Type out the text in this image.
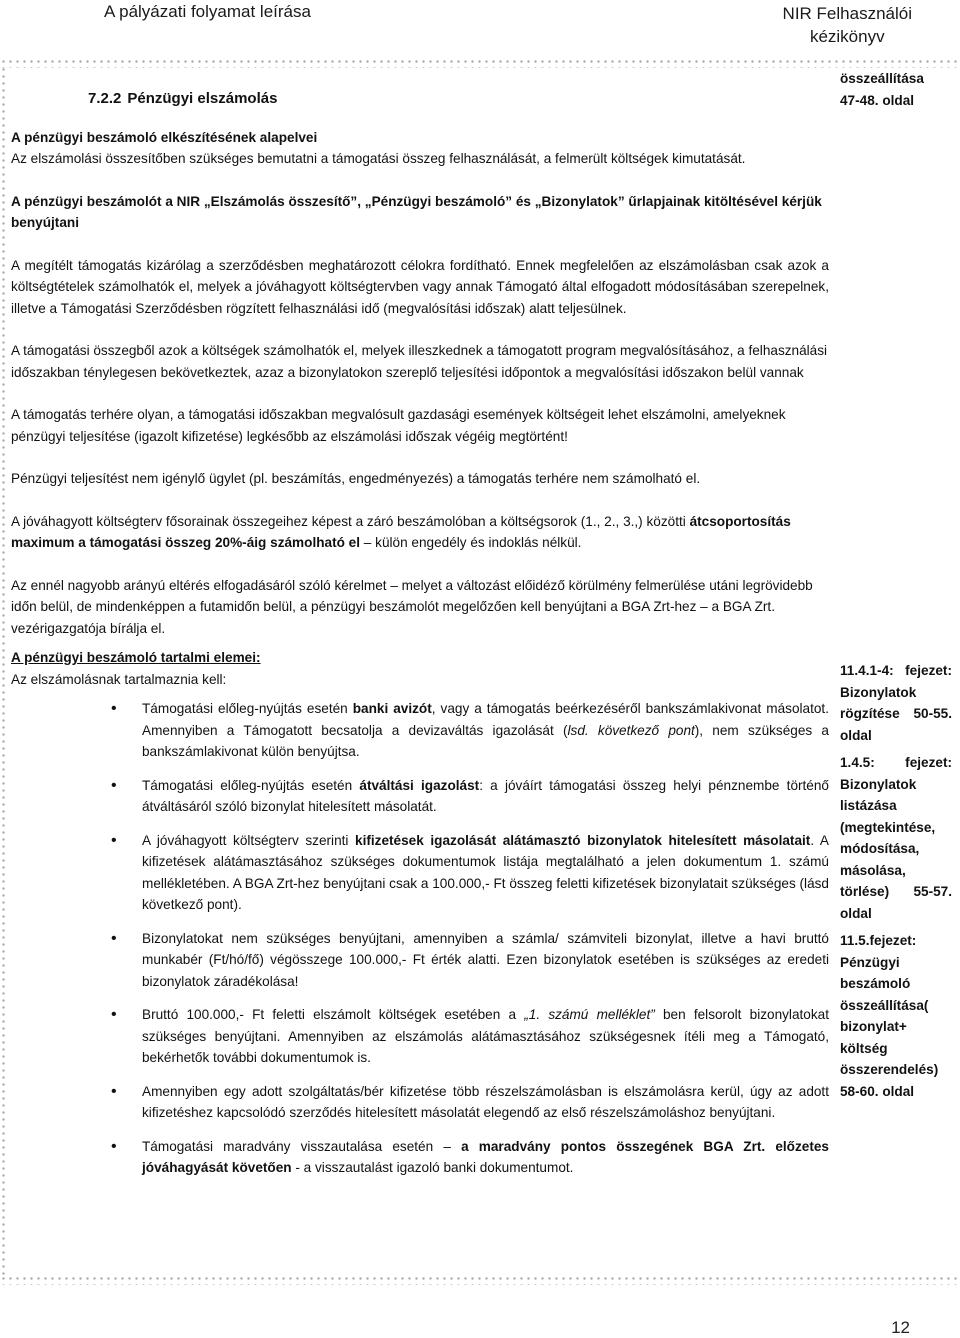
A pályázati folyamat leírása	NIR Felhasználói
kézikönyv
7.2.2 Pénzügyi elszámolás

A pénzügyi beszámoló elkészítésének alapelvei
Az elszámolási összesítőben szükséges bemutatni a támogatási összeg felhasználását, a felmerült költségek kimutatását.

A pénzügyi beszámolót a NIR „Elszámolás összesítő”, „Pénzügyi beszámoló” és „Bizonylatok” űrlapjainak kitöltésével kérjük benyújtani

A megítélt támogatás kizárólag a szerződésben meghatározott célokra fordítható. Ennek megfelelően az elszámolásban csak azok a költségtételek számolhatók el, melyek a jóváhagyott költségtervben vagy annak Támogató által elfogadott módosításában szerepelnek, illetve a Támogatási Szerződésben rögzített felhasználási idő (megvalósítási időszak) alatt teljesülnek.

A támogatási összegből azok a költségek számolhatók el, melyek illeszkednek a támogatott program megvalósításához, a felhasználási időszakban ténylegesen bekövetkeztek, azaz a bizonylatokon szereplő teljesítési időpontok a megvalósítási időszakon belül vannak

A támogatás terhére olyan, a támogatási időszakban megvalósult gazdasági események költségeit lehet elszámolni, amelyeknek pénzügyi teljesítése (igazolt kifizetése) legkésőbb az elszámolási időszak végéig megtörtént!

Pénzügyi teljesítést nem igénylő ügylet (pl. beszámítás, engedményezés) a támogatás terhére nem számolható el.

A jóváhagyott költségterv fősorainak összegeihez képest a záró beszámolóban a költségsorok (1., 2., 3.,) közötti átcsoportosítás maximum a támogatási összeg 20%-áig számolható el – külön engedély és indoklás nélkül.

Az ennél nagyobb arányú eltérés elfogadásáról szóló kérelmet – melyet a változást előidéző körülmény felmerülése utáni legrövidebb időn belül, de mindenképpen a futamidőn belül, a pénzügyi beszámolót megelőzően kell benyújtani a BGA Zrt-hez – a BGA Zrt. vezérigazgatója bírálja el.

A pénzügyi beszámoló tartalmi elemei:
Az elszámolásnak tartalmaznia kell:
• Támogatási előleg-nyújtás esetén banki avizót, vagy a támogatás beérkezéséről bankszámlakivonat másolatot. Amennyiben a Támogatott becsatolja a devizaváltás igazolását (lsd. következő pont), nem szükséges a bankszámlakivonat külön benyújtsa.
• Támogatási előleg-nyújtás esetén átváltási igazolást: a jóváírt támogatási összeg helyi pénznembe történő átváltásáról szóló bizonylat hitelesített másolatát.
• A jóváhagyott költségterv szerinti kifizetések igazolását alátámasztó bizonylatok hitelesített másolatait. A kifizetések alátámasztásához szükséges dokumentumok listája megtalálható a jelen dokumentum 1. számú mellékletében. A BGA Zrt-hez benyújtani csak a 100.000,- Ft összeg feletti kifizetések bizonylatait szükséges (lásd következő pont).
• Bizonylatokat nem szükséges benyújtani, amennyiben a számla/ számviteli bizonylat, illetve a havi bruttó munkabér (Ft/hó/fő) végösszege 100.000,- Ft érték alatti. Ezen bizonylatok esetében is szükséges az eredeti bizonylatok záradékolása!
• Bruttó 100.000,- Ft feletti elszámolt költségek esetében a „1. számú melléklet” ben felsorolt bizonylatokat szükséges benyújtani. Amennyiben az elszámolás alátámasztásához szükségesnek ítéli meg a Támogató, bekérhetők további dokumentumok is.
• Amennyiben egy adott szolgáltatás/bér kifizetése több részelszámolásban is elszámolásra kerül, úgy az adott kifizetéshez kapcsolódó szerződés hitelesített másolatát elegendő az első részelszámoláshoz benyújtani.
• Támogatási maradvány visszautalása esetén – a maradvány pontos összegének BGA Zrt. előzetes jóváhagyását követően - a visszautalást igazoló banki dokumentumot.
összeállítása
47-48. oldal
11.4.1-4: fejezet: Bizonylatok rögzítése 50-55. oldal
1.4.5: fejezet: Bizonylatok listázása (megtekintése, módosítása, másolása, törlése) 55-57. oldal
11.5.fejezet: Pénzügyi beszámoló összeállítása( bizonylat+ költség összerendelés) 58-60. oldal
12
